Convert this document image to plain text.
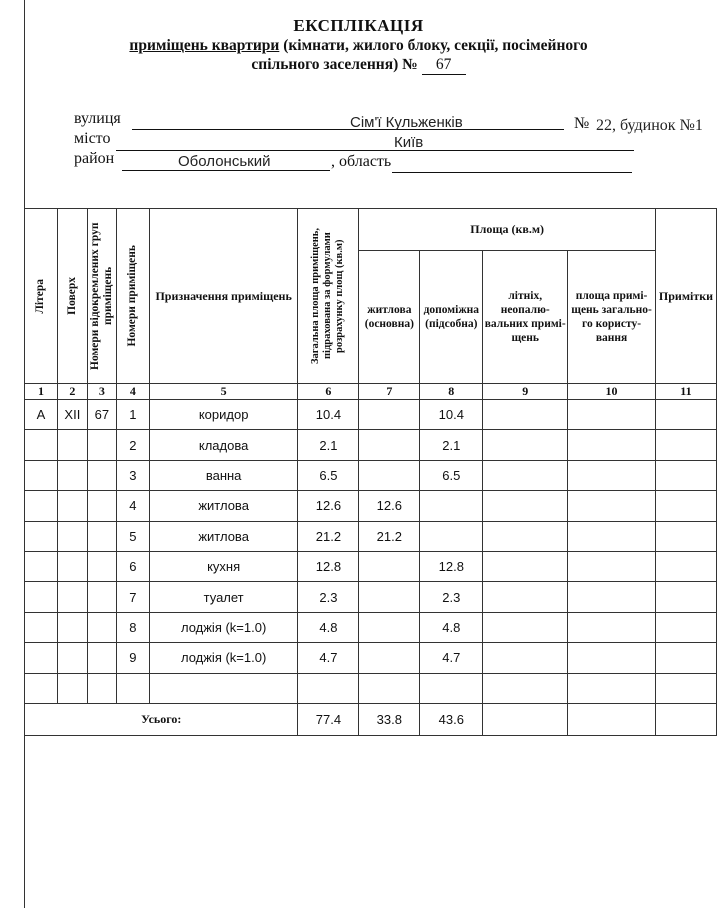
ЕКСПЛІКАЦІЯ
приміщень квартири (кімнати, жилого блоку, секції, посімейного
спільного заселення) № 67
вулиця	Сім'ї Кульженків	№ 22, будинок №1
місто	Київ
район	Оболонський	, область
Літера	Поверх	Номери відокремлених груп приміщень	Номери приміщень	Призначення приміщень	Загальна площа приміщень, підрахована за формулами розрахунку площ (кв.м)	Площа (кв.м)				Примітки
						житлова (основна)	допоміжна (підсобна)	літніх, неопалю-вальних примі-щень	площа примі-щень загально-го користу-вання	
1	2	3	4	5	6	7	8	9	10	11
А	XII	67	1	коридор	10.4		10.4			
			2	кладова	2.1		2.1			
			3	ванна	6.5		6.5			
			4	житлова	12.6	12.6				
			5	житлова	21.2	21.2				
			6	кухня	12.8		12.8			
			7	туалет	2.3		2.3			
			8	лоджія (k=1.0)	4.8		4.8			
			9	лоджія (k=1.0)	4.7		4.7			

Усього:					77.4	33.8	43.6			
